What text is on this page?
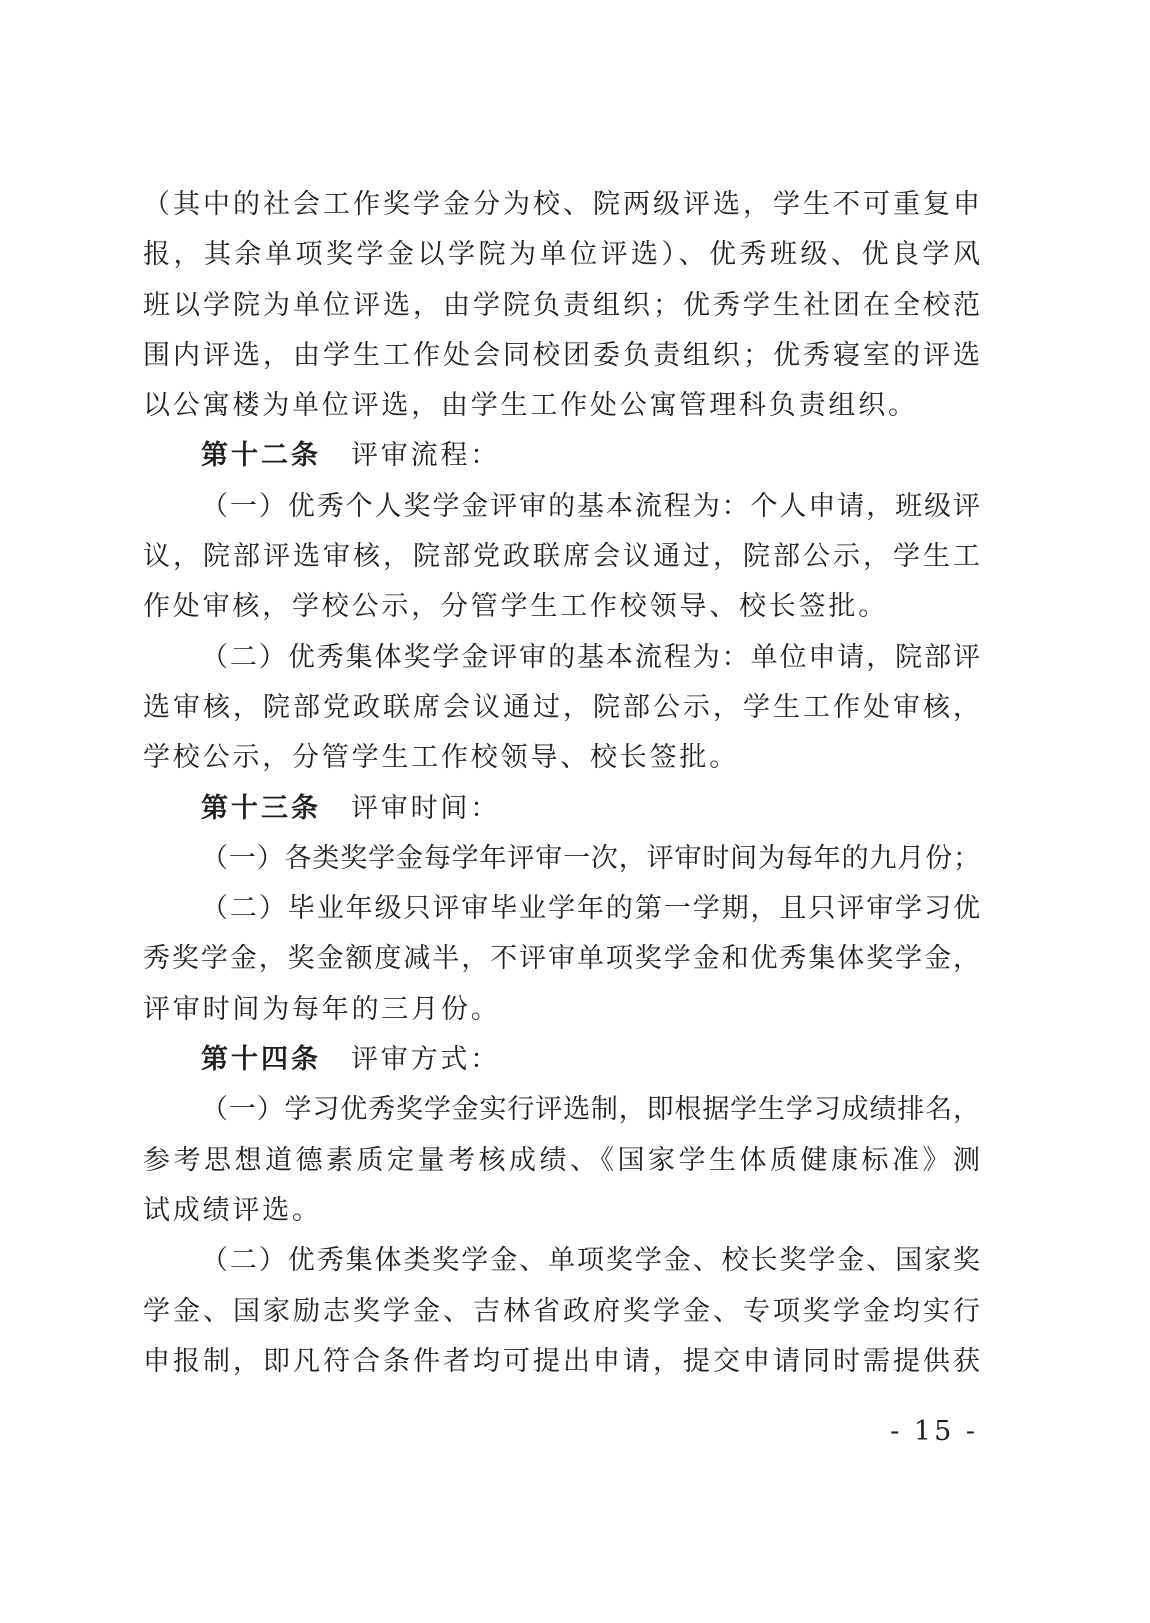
（其中的社会工作奖学金分为校、院两级评选，学生不可重复申
报，其余单项奖学金以学院为单位评选）、优秀班级、优良学风
班以学院为单位评选，由学院负责组织；优秀学生社团在全校范
围内评选，由学生工作处会同校团委负责组织；优秀寝室的评选
以公寓楼为单位评选，由学生工作处公寓管理科负责组织。
第十二条 评审流程：
（一）优秀个人奖学金评审的基本流程为：个人申请，班级评
议，院部评选审核，院部党政联席会议通过，院部公示，学生工
作处审核，学校公示，分管学生工作校领导、校长签批。
（二）优秀集体奖学金评审的基本流程为：单位申请，院部评
选审核，院部党政联席会议通过，院部公示，学生工作处审核，
学校公示，分管学生工作校领导、校长签批。
第十三条 评审时间：
（一）各类奖学金每学年评审一次，评审时间为每年的九月份；
（二）毕业年级只评审毕业学年的第一学期，且只评审学习优
秀奖学金，奖金额度减半，不评审单项奖学金和优秀集体奖学金，
评审时间为每年的三月份。
第十四条 评审方式：
（一）学习优秀奖学金实行评选制，即根据学生学习成绩排名，
参考思想道德素质定量考核成绩、《国家学生体质健康标准》测
试成绩评选。
（二）优秀集体类奖学金、单项奖学金、校长奖学金、国家奖
学金、国家励志奖学金、吉林省政府奖学金、专项奖学金均实行
申报制，即凡符合条件者均可提出申请，提交申请同时需提供获
- 15 -
